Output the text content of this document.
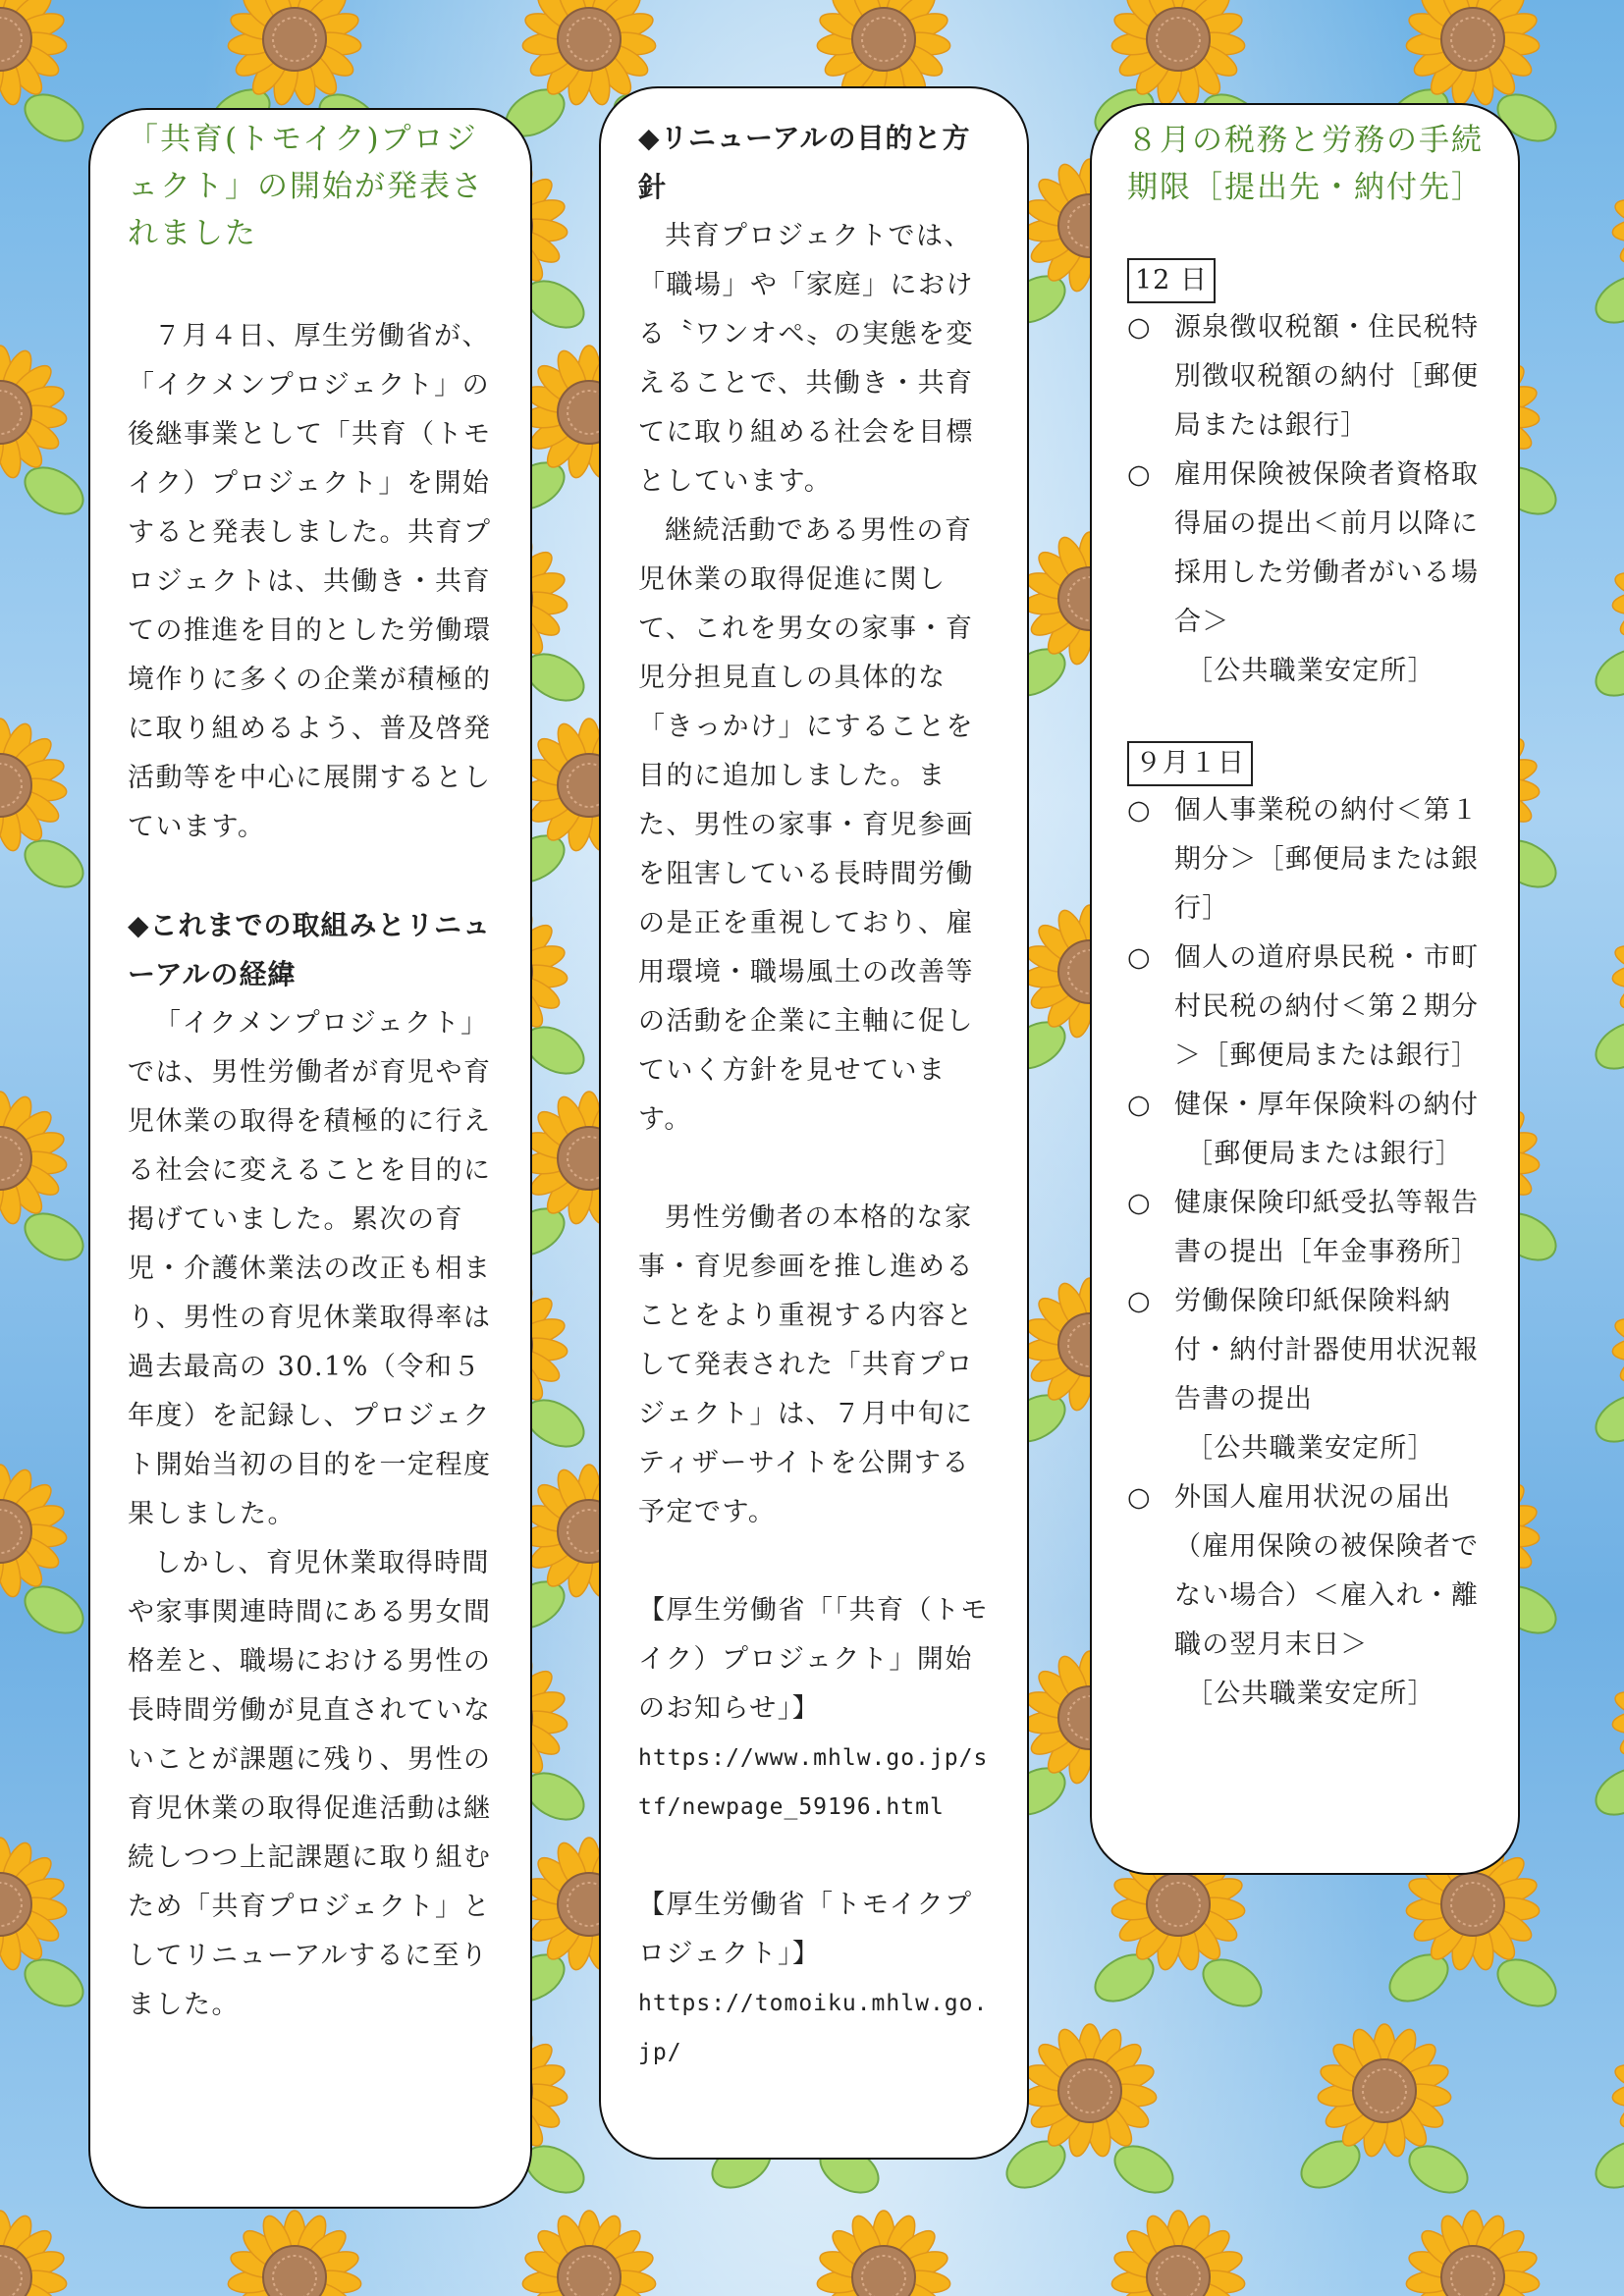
「共育(トモイク)プロジェクト」の開始が発表されました

７月４日、厚生労働省が、「イクメンプロジェクト」の後継事業として「共育（トモイク）プロジェクト」を開始すると発表しました。共育プロジェクトは、共働き・共育ての推進を目的とした労働環境作りに多くの企業が積極的に取り組めるよう、普及啓発活動等を中心に展開するとしています。

◆これまでの取組みとリニューアルの経緯

「イクメンプロジェクト」では、男性労働者が育児や育児休業の取得を積極的に行える社会に変えることを目的に掲げていました。累次の育児・介護休業法の改正も相まり、男性の育児休業取得率は過去最高の 30.1%（令和５年度）を記録し、プロジェクト開始当初の目的を一定程度果しました。

しかし、育児休業取得時間や家事関連時間にある男女間格差と、職場における男性の長時間労働が見直されていないことが課題に残り、男性の育児休業の取得促進活動は継続しつつ上記課題に取り組むため「共育プロジェクト」としてリニューアルするに至りました。

◆リニューアルの目的と方針

共育プロジェクトでは、「職場」や「家庭」における〝ワンオペ〟の実態を変えることで、共働き・共育てに取り組める社会を目標としています。

継続活動である男性の育児休業の取得促進に関して、これを男女の家事・育児分担見直しの具体的な「きっかけ」にすることを目的に追加しました。また、男性の家事・育児参画を阻害している長時間労働の是正を重視しており、雇用環境・職場風土の改善等の活動を企業に主軸に促していく方針を見せています。

男性労働者の本格的な家事・育児参画を推し進めることをより重視する内容として発表された「共育プロジェクト」は、７月中旬にティザーサイトを公開する予定です。

【厚生労働省「「共育（トモイク）プロジェクト」開始のお知らせ」】

https://www.mhlw.go.jp/stf/newpage_59196.html

【厚生労働省「トモイクプロジェクト」】

https://tomoiku.mhlw.go.jp/

８月の税務と労務の手続期限［提出先・納付先］
12 日

○ 源泉徴収税額・住民税特別徴収税額の納付［郵便局または銀行］

○ 雇用保険被保険者資格取得届の提出＜前月以降に採用した労働者がいる場合＞
［公共職業安定所］

９月１日

○ 個人事業税の納付＜第１期分＞［郵便局または銀行］

○ 個人の道府県民税・市町村民税の納付＜第２期分＞［郵便局または銀行］

○ 健保・厚年保険料の納付
［郵便局または銀行］

○ 健康保険印紙受払等報告書の提出［年金事務所］

○ 労働保険印紙保険料納付・納付計器使用状況報告書の提出
［公共職業安定所］

○ 外国人雇用状況の届出（雇用保険の被保険者でない場合）＜雇入れ・離職の翌月末日＞
［公共職業安定所］
